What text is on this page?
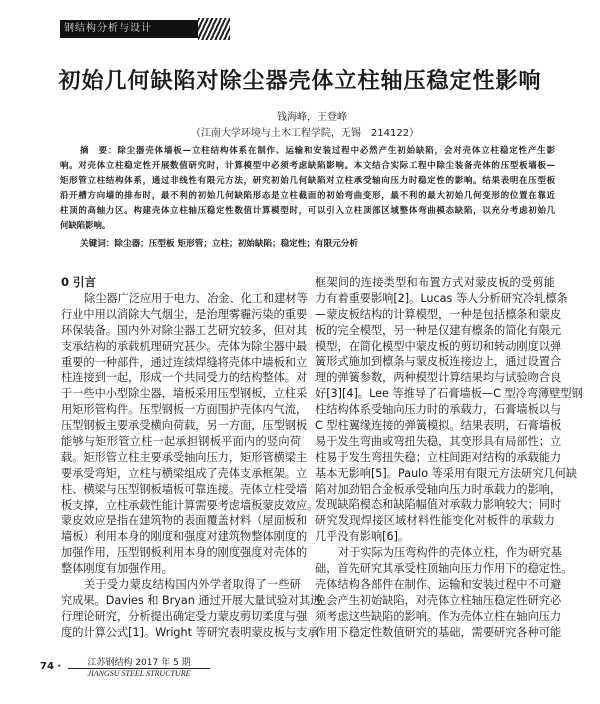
钢结构分析与设计
初始几何缺陷对除尘器壳体立柱轴压稳定性影响
钱海峰，王登峰
（江南大学环境与土木工程学院，无锡　214122）
摘　要：除尘器壳体墙板—立柱结构体系在制作、运输和安装过程中必然产生初始缺陷，会对壳体立柱稳定性产生影
响。对壳体立柱稳定性开展数值研究时，计算模型中必须考虑缺陷影响。本文结合实际工程中除尘装备壳体的压型板墙板—
矩形管立柱结构体系，通过非线性有限元方法，研究初始几何缺陷对立柱承受轴向压力时稳定性的影响。结果表明在压型板
沿开槽方向墙的排布时，最不利的初始几何缺陷形态是立柱截面的初始弯曲变形，最不利的最大初始几何变形的位置在靠近
柱顶的高轴力区。构建壳体立柱轴压稳定性数值计算模型时，可以引入立柱顶部区域整体弯曲模态缺陷，以充分考虑初始几
何缺陷影响。
关键词：除尘器；压型板 矩形管；立柱；初始缺陷；稳定性；有限元分析
0 引言
除尘器广泛应用于电力、冶金、化工和建材等
行业中用以消除大气烟尘，是治理雾霾污染的重要
环保装备。国内外对除尘器工艺研究较多，但对其
支承结构的承载机理研究甚少。壳体为除尘器中最
重要的一种部件，通过连续焊缝将壳体中墙板和立
柱连接到一起，形成一个共同受力的结构整体。对
于一些中小型除尘器，墙板采用压型钢板，立柱采
用矩形管构件。压型钢板一方面围护壳体内气流，
压型钢板主要承受横向荷载，另一方面，压型钢板
能够与矩形管立柱一起承担钢板平面内的竖向荷
载。矩形管立柱主要承受轴向压力，矩形管横梁主
要承受弯矩，立柱与横梁组成了壳体支承框架。立
柱、横梁与压型钢板墙板可靠连接。壳体立柱受墙
板支撑，立柱承载性能计算需要考虑墙板蒙皮效应。
蒙皮效应是指在建筑物的表面覆盖材料（屋面板和
墙板）利用本身的刚度和强度对建筑物整体刚度的
加强作用，压型钢板利用本身的刚度强度对壳体的
整体刚度有加强作用。
关于受力蒙皮结构国内外学者取得了一些研
究成果。Davies 和 Bryan 通过开展大量试验对其进
行理论研究，分析提出确定受力蒙皮剪切柔度与强
度的计算公式[1]。Wright 等研究表明蒙皮板与支承
框架间的连接类型和布置方式对蒙皮板的受剪能
力有着重要影响[2]。Lucas 等人分析研究冷轧檩条
—蒙皮板结构的计算模型，一种是包括檩条和蒙皮
板的完全模型，另一种是仅建有檩条的简化有限元
模型，在简化模型中蒙皮板的剪切和转动刚度以弹
簧形式施加到檩条与蒙皮板连接边上，通过设置合
理的弹簧参数，两种模型计算结果均与试验吻合良
好[3][4]。Lee 等推导了石膏墙板—C 型冷弯薄壁型钢
柱结构体系受轴向压力时的承载力，石膏墙板以与
C 型柱翼缘连接的弹簧模拟。结果表明，石膏墙板
易于发生弯曲或弯扭失稳，其变形具有局部性；立
柱易于发生弯扭失稳；立柱间距对结构的承载能力
基本无影响[5]。Paulo 等采用有限元方法研究几何缺
陷对加劲铝合金板承受轴向压力时承载力的影响，
发现缺陷模态和缺陷幅值对承载力影响较大；同时
研究发现焊接区域材料性能变化对板件的承载力
几乎没有影响[6]。
对于实际为压弯构件的壳体立柱，作为研究基
础，首先研究其承受柱顶轴向压力作用下的稳定性。
壳体结构各部件在制作、运输和安装过程中不可避
免会产生初始缺陷，对壳体立柱轴压稳定性研究必
须考虑这些缺陷的影响。作为壳体立柱在轴向压力
作用下稳定性数值研究的基础，需要研究各种可能
74 ·	江苏钢结构 2017 年 5 期
JIANGSU STEEL STRUCTURE
